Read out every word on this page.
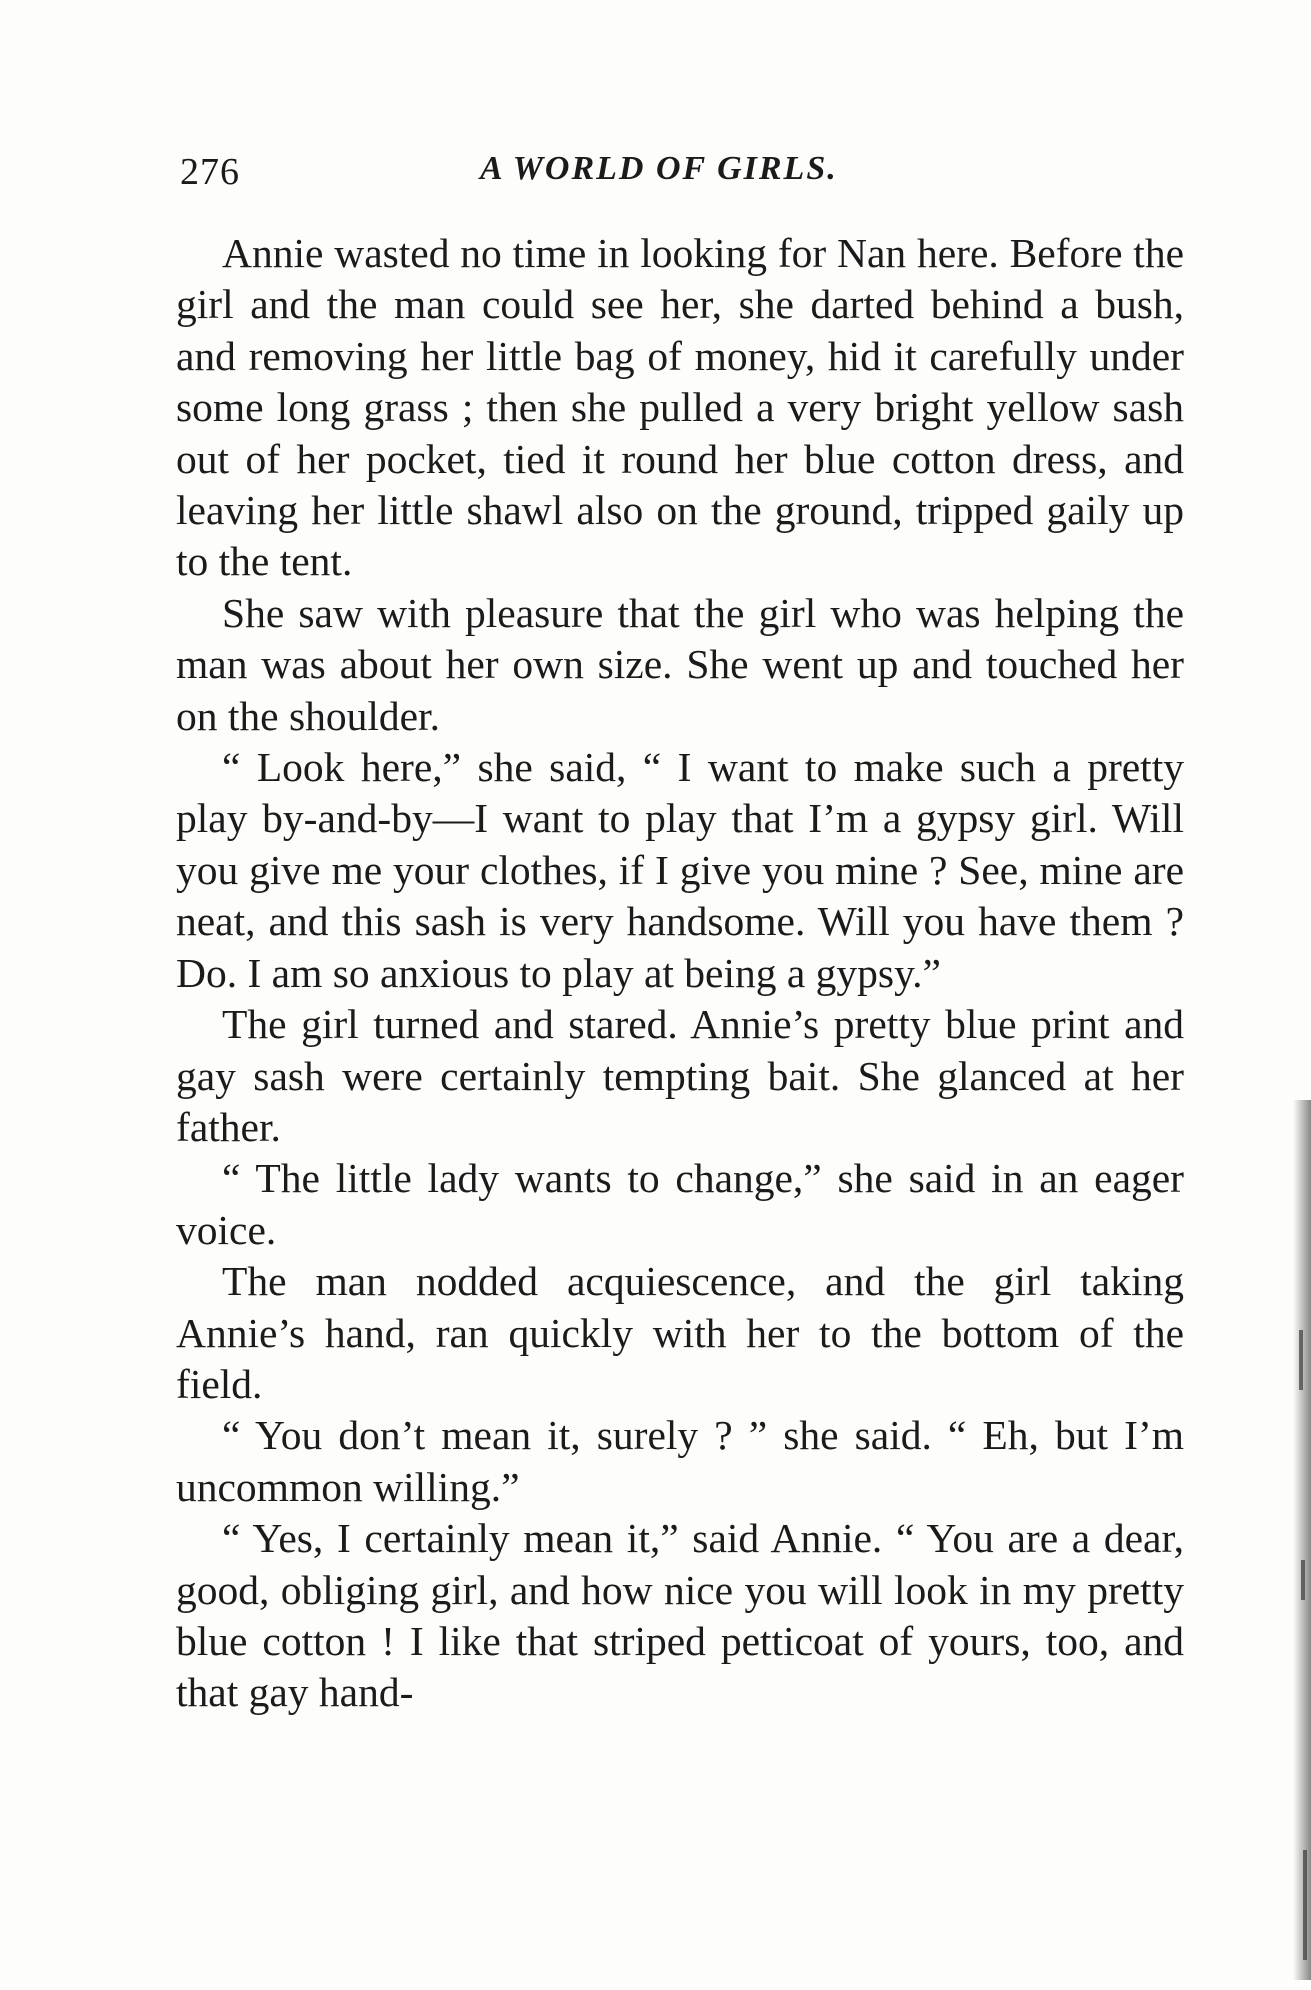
276	A WORLD OF GIRLS.

Annie wasted no time in looking for Nan here. Before the girl and the man could see her, she darted behind a bush, and removing her little bag of money, hid it carefully under some long grass ; then she pulled a very bright yellow sash out of her pocket, tied it round her blue cotton dress, and leaving her little shawl also on the ground, tripped gaily up to the tent.

She saw with pleasure that the girl who was helping the man was about her own size. She went up and touched her on the shoulder.

“ Look here,” she said, “ I want to make such a pretty play by-and-by—I want to play that I’m a gypsy girl. Will you give me your clothes, if I give you mine ? See, mine are neat, and this sash is very handsome. Will you have them ? Do. I am so anxious to play at being a gypsy.”

The girl turned and stared. Annie’s pretty blue print and gay sash were certainly tempting bait. She glanced at her father.

“ The little lady wants to change,” she said in an eager voice.

The man nodded acquiescence, and the girl taking Annie’s hand, ran quickly with her to the bottom of the field.

“ You don’t mean it, surely ? ” she said. “ Eh, but I’m uncommon willing.”

“ Yes, I certainly mean it,” said Annie. “ You are a dear, good, obliging girl, and how nice you will look in my pretty blue cotton ! I like that striped petticoat of yours, too, and that gay hand-
